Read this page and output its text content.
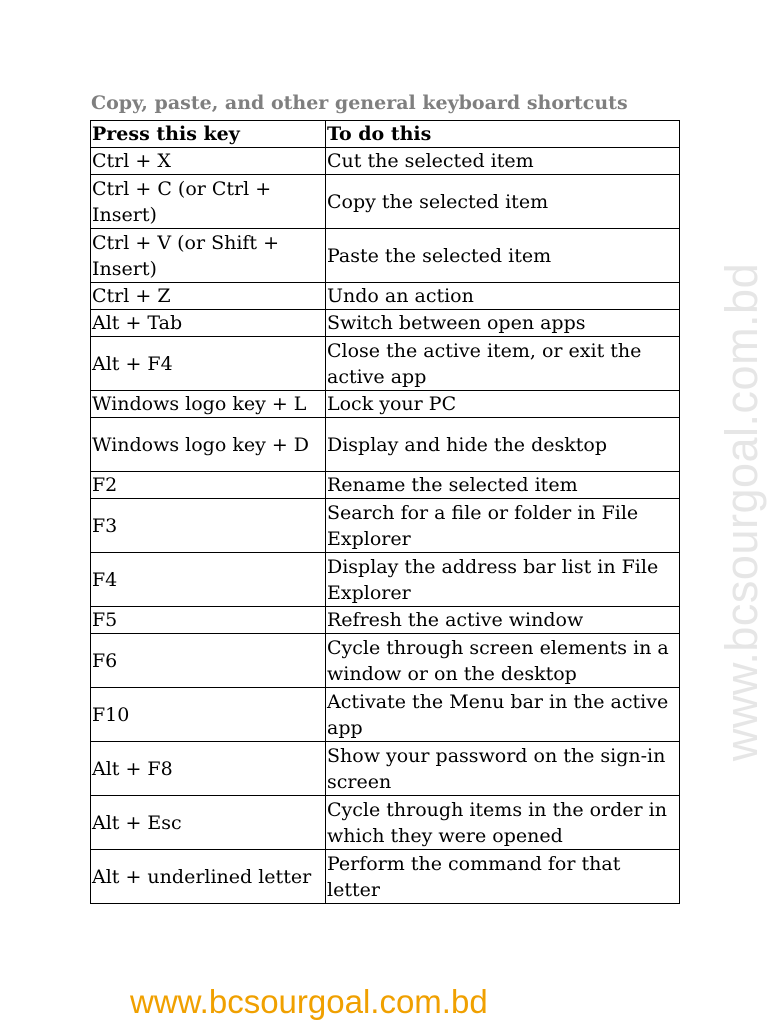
Copy, paste, and other general keyboard shortcuts
Press this key	To do this
Ctrl + X	Cut the selected item
Ctrl + C (or Ctrl + Insert)	Copy the selected item
Ctrl + V (or Shift + Insert)	Paste the selected item
Ctrl + Z	Undo an action
Alt + Tab	Switch between open apps
Alt + F4	Close the active item, or exit the active app
Windows logo key + L	Lock your PC
Windows logo key + D	Display and hide the desktop
F2	Rename the selected item
F3	Search for a file or folder in File Explorer
F4	Display the address bar list in File Explorer
F5	Refresh the active window
F6	Cycle through screen elements in a window or on the desktop
F10	Activate the Menu bar in the active app
Alt + F8	Show your password on the sign-in screen
Alt + Esc	Cycle through items in the order in which they were opened
Alt + underlined letter	Perform the command for that letter
www.bcsourgoal.com.bd
www.bcsourgoal.com.bd
